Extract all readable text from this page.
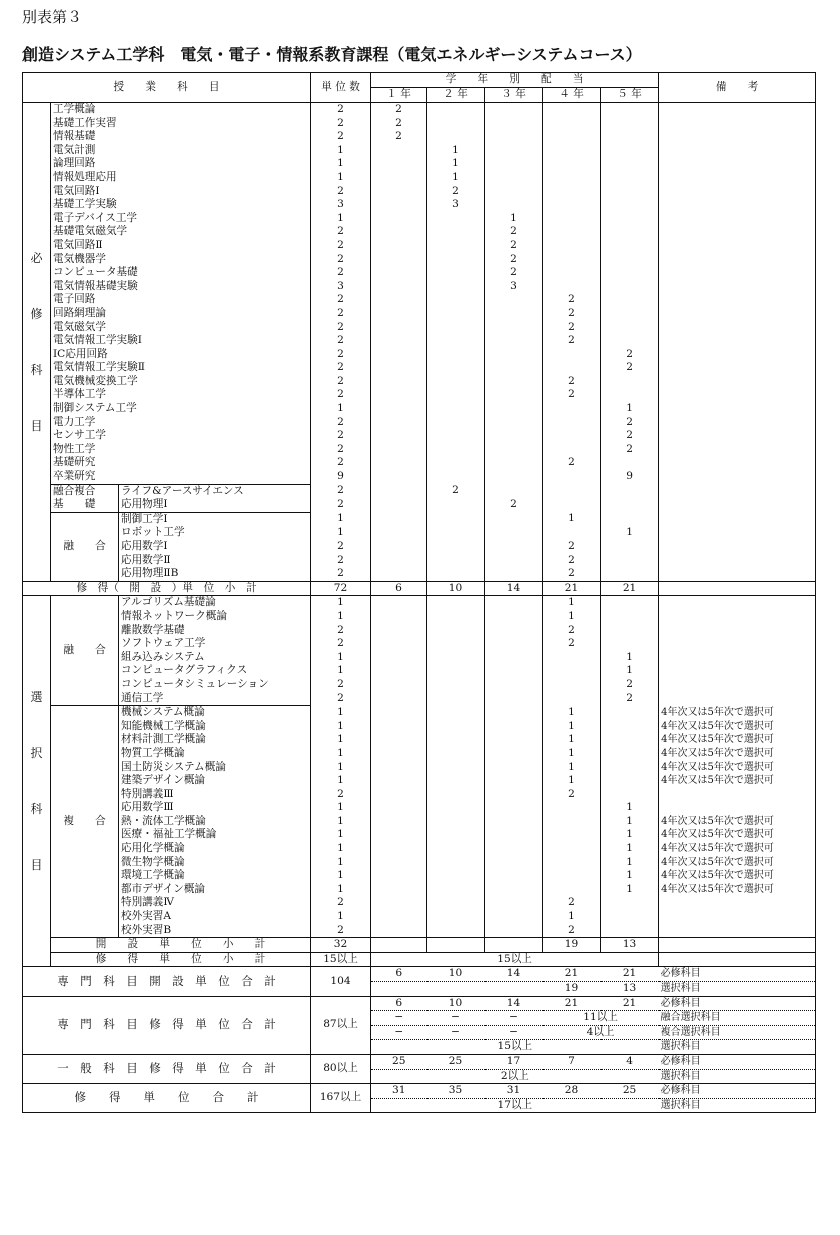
別表第３
創造システム工学科　電気・電子・情報系教育課程（電気エネルギーシステムコース）
授　　業　　科　　目			単 位 数	学　　年　　別　　配　　当					備　　考
				１ 年	２ 年	３ 年	４ 年	５ 年	
必

修

科

目	工学概論		2	2					
	基礎工作実習		2	2					
	情報基礎		2	2					
	電気計測		1		1				
	論理回路		1		1				
	情報処理応用		1		1				
	電気回路Ⅰ		2		2				
	基礎工学実験		3		3				
	電子デバイス工学		1			1			
	基礎電気磁気学		2			2			
	電気回路Ⅱ		2			2			
	電気機器学		2			2			
	コンピュータ基礎		2			2			
	電気情報基礎実験		3			3			
	電子回路		2				2		
	回路網理論		2				2		
	電気磁気学		2				2		
	電気情報工学実験Ⅰ		2				2		
	IC応用回路		2					2	
	電気情報工学実験Ⅱ		2					2	
	電気機械変換工学		2				2		
	半導体工学		2				2		
	制御システム工学		1					1	
	電力工学		2					2	
	センサ工学		2					2	
	物性工学		2					2	
	基礎研究		2				2		
	卒業研究		9					9	
	融合複合
基　　礎	ライフ&アースサイエンス	2		2				
		応用物理Ⅰ	2			2			
	融　　合	制御工学Ⅰ	1				1		
		ロボット工学	1					1	
		応用数学Ⅰ	2				2		
		応用数学Ⅱ	2				2		
		応用物理ⅡB	2				2		
修　得（　開　設　）単　位　小　計			72	6	10	14	21	21	
選

択

科

目	融　　合	アルゴリズム基礎論	1				1		
		情報ネットワーク概論	1				1		
		離散数学基礎	2				2		
		ソフトウェア工学	2				2		
		組み込みシステム	1					1	
		コンピュータグラフィクス	1					1	
		コンピュータシミュレーション	2					2	
		通信工学	2					2	
	複　　合	機械システム概論	1				1		4年次又は5年次で選択可
		知能機械工学概論	1				1		4年次又は5年次で選択可
		材料計測工学概論	1				1		4年次又は5年次で選択可
		物質工学概論	1				1		4年次又は5年次で選択可
		国土防災システム概論	1				1		4年次又は5年次で選択可
		建築デザイン概論	1				1		4年次又は5年次で選択可
		特別講義Ⅲ	2				2		
		応用数学Ⅲ	1					1	
		熱・流体工学概論	1					1	4年次又は5年次で選択可
		医療・福祉工学概論	1					1	4年次又は5年次で選択可
		応用化学概論	1					1	4年次又は5年次で選択可
		微生物学概論	1					1	4年次又は5年次で選択可
		環境工学概論	1					1	4年次又は5年次で選択可
		都市デザイン概論	1					1	4年次又は5年次で選択可
		特別講義Ⅳ	2				2		
		校外実習A	1				1		
		校外実習B	2				2		
	開　　設　　単　　位　　小　　計		32				19	13	
	修　　得　　単　　位　　小　　計		15以上	15以上					
専　門　科　目　開　設　単　位　合　計			104	6	10	14	21	21	必修科目
							19	13	選択科目
専　門　科　目　修　得　単　位　合　計			87以上	6	10	14	21	21	必修科目
				−	−	−	11以上		融合選択科目
				−	−	−	4以上		複合選択科目
				15以上					選択科目
一　般　科　目　修　得　単　位　合　計			80以上	25	25	17	7	4	必修科目
				2以上					選択科目
修　　得　　単　　位　　合　　計			167以上	31	35	31	28	25	必修科目
				17以上					選択科目
